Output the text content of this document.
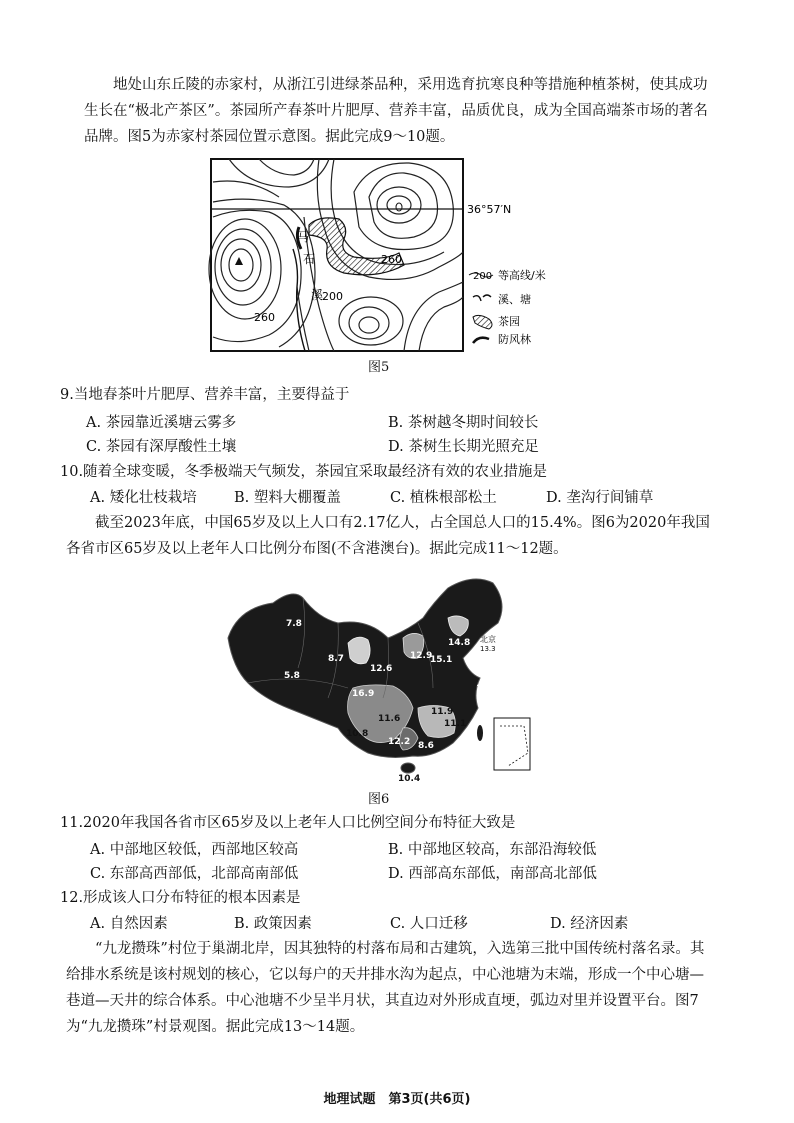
地处山东丘陵的赤家村，从浙江引进绿茶品种，采用选育抗寒良种等措施种植茶树，使其成功生长在“极北产茶区”。茶园所产春茶叶片肥厚、营养丰富，品质优良，成为全国高端茶市场的著名品牌。图5为赤家村茶园位置示意图。据此完成9～10题。
36°57′N
马
石
溪
200
260
260
200 等高线/米
溪、塘
茶园
防风林
图5
9.当地春茶叶片肥厚、营养丰富，主要得益于
A. 茶园靠近溪塘云雾多	B. 茶树越冬期时间较长
C. 茶园有深厚酸性土壤	D. 茶树生长期光照充足
10.随着全球变暖，冬季极端天气频发，茶园宜采取最经济有效的农业措施是
A. 矮化壮枝栽培	B. 塑料大棚覆盖	C. 植株根部松土	D. 垄沟行间铺草
截至2023年底，中国65岁及以上人口有2.17亿人，占全国总人口的15.4%。图6为2020年我国各省市区65岁及以上老年人口比例分布图(不含港澳台)。据此完成11～12题。
7.8
8.7
5.8
12.6
12.9
14.8
15.1
16.9	16.3
11.6
11.9
11.1
10.8
12.2 8.6
10.4
北京
13.3
图6
11.2020年我国各省市区65岁及以上老年人口比例空间分布特征大致是
A. 中部地区较低，西部地区较高	B. 中部地区较高，东部沿海较低
C. 东部高西部低，北部高南部低	D. 西部高东部低，南部高北部低
12.形成该人口分布特征的根本因素是
A. 自然因素	B. 政策因素	C. 人口迁移	D. 经济因素
“九龙攒珠”村位于巢湖北岸，因其独特的村落布局和古建筑，入选第三批中国传统村落名录。其给排水系统是该村规划的核心，它以每户的天井排水沟为起点，中心池塘为末端，形成一个中心塘—巷道—天井的综合体系。中心池塘不少呈半月状，其直边对外形成直埂，弧边对里并设置平台。图7为“九龙攒珠”村景观图。据此完成13～14题。
地理试题　第3页(共6页)
